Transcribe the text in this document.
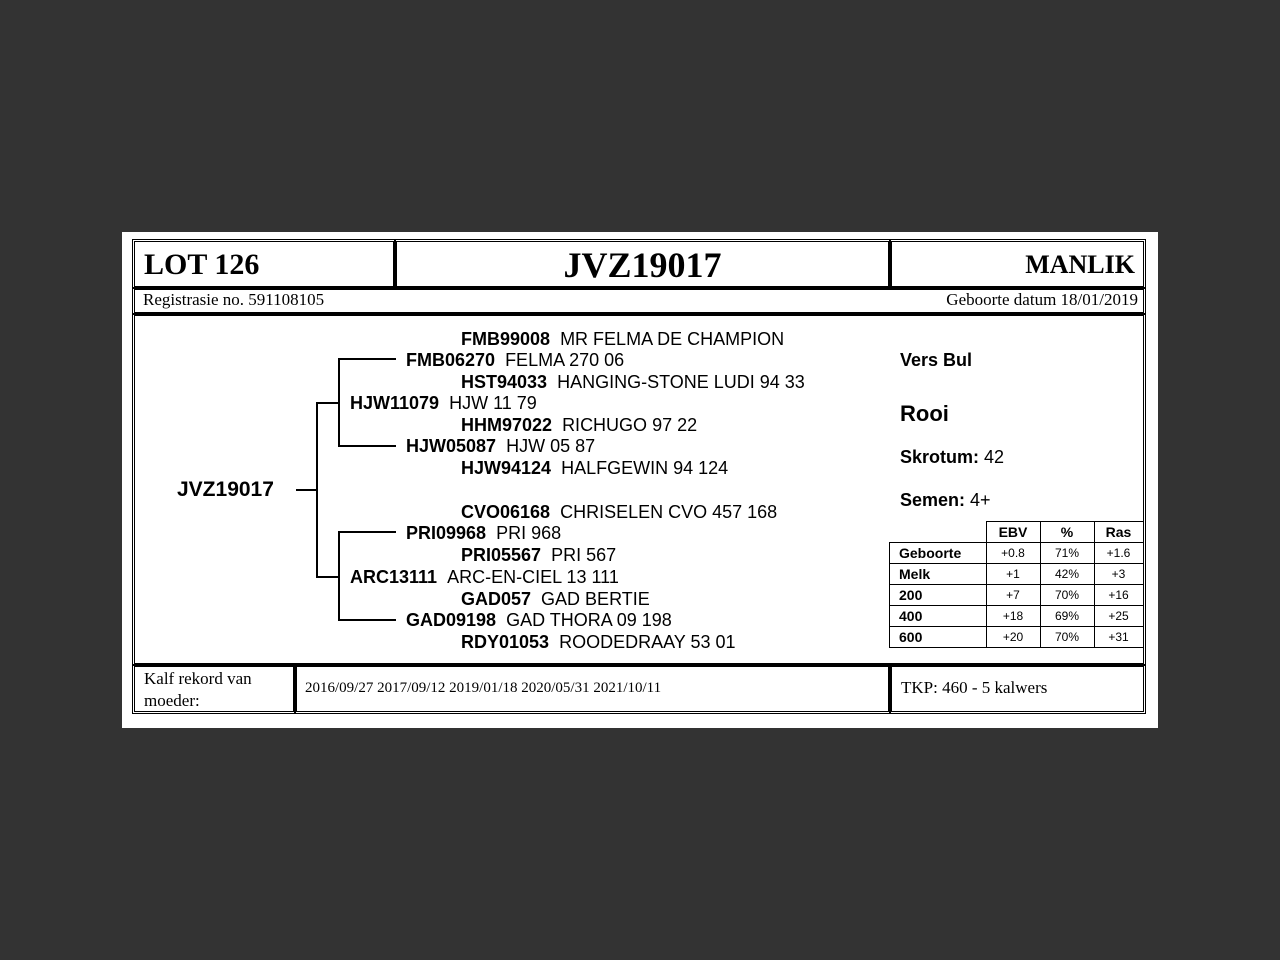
LOT 126	JVZ19017	MANLIK
Registrasie no. 591108105	Geboorte datum 18/01/2019
JVZ19017
FMB99008 MR FELMA DE CHAMPION
FMB06270 FELMA 270 06
HST94033 HANGING-STONE LUDI 94 33
HJW11079 HJW 11 79
HHM97022 RICHUGO 97 22
HJW05087 HJW 05 87
HJW94124 HALFGEWIN 94 124
CVO06168 CHRISELEN CVO 457 168
PRI09968 PRI 968
PRI05567 PRI 567
ARC13111 ARC-EN-CIEL 13 111
GAD057 GAD BERTIE
GAD09198 GAD THORA 09 198
RDY01053 ROODEDRAAY 53 01
Vers Bul
Rooi
Skrotum: 42
Semen: 4+
	EBV	%	Ras
Geboorte	+0.8	71%	+1.6
Melk	+1	42%	+3
200	+7	70%	+16
400	+18	69%	+25
600	+20	70%	+31
Kalf rekord van
moeder:
2016/09/27 2017/09/12 2019/01/18 2020/05/31 2021/10/11	TKP: 460 - 5 kalwers
